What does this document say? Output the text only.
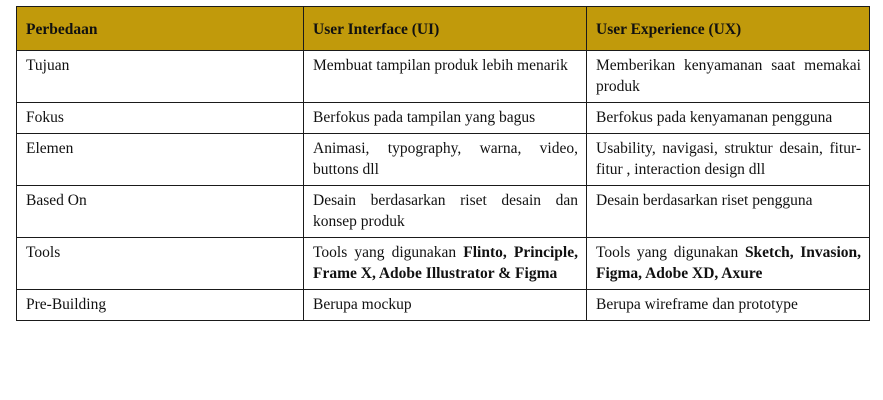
Perbedaan	User Interface (UI)	User Experience (UX)
Tujuan	Membuat tampilan produk lebih menarik	Memberikan kenyamanan saat memakai produk
Fokus	Berfokus pada tampilan yang bagus	Berfokus pada kenyamanan pengguna
Elemen	Animasi, typography, warna, video, buttons dll	Usability, navigasi, struktur desain, fitur-fitur , interaction design dll
Based On	Desain berdasarkan riset desain dan konsep produk	Desain berdasarkan riset pengguna
Tools	Tools yang digunakan Flinto, Principle, Frame X, Adobe Illustrator & Figma	Tools yang digunakan Sketch, Invasion, Figma, Adobe XD, Axure
Pre-Building	Berupa mockup	Berupa wireframe dan prototype
